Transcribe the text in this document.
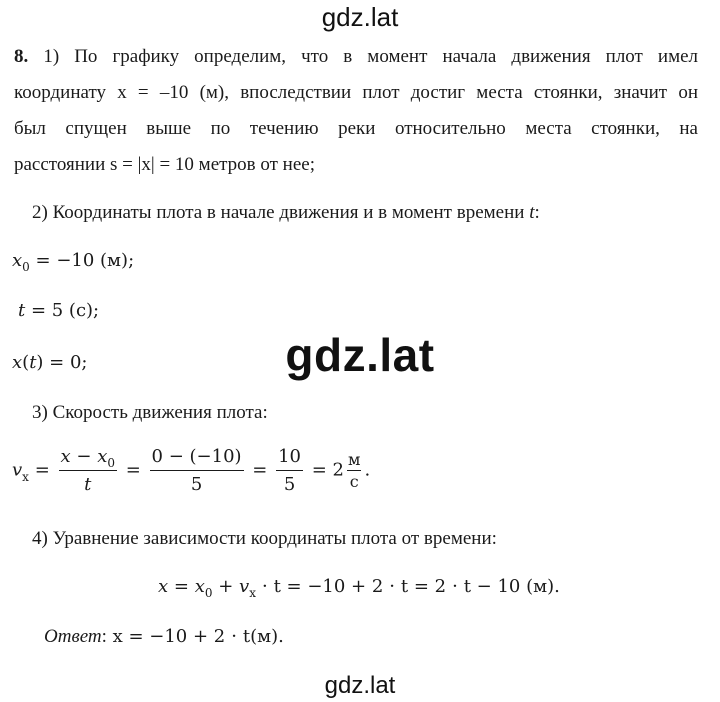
gdz.lat
8. 1) По графику определим, что в момент начала движения плот имел
координату x = –10 (м), впоследствии плот достиг места стоянки, значит он
был спущен выше по течению реки относительно места стоянки, на
расстоянии s = |x| = 10 метров от нее;
2) Координаты плота в начале движения и в момент времени t:
$x_0 = -10$ (м);
t = 5 (с);
x(t) = 0;	gdz.lat
3) Скорость движения плота:
$v_x = \frac{x - x_0}{t} = \frac{0 - (-10)}{5} = \frac{10}{5} = 2 \frac{м}{с}$ .
4) Уравнение зависимости координаты плота от времени:
$x = x_0 + v_x \cdot t = -10 + 2 \cdot t = 2 \cdot t - 10$ (м).
Ответ: x = −10 + 2 ⋅ t(м).
gdz.lat
